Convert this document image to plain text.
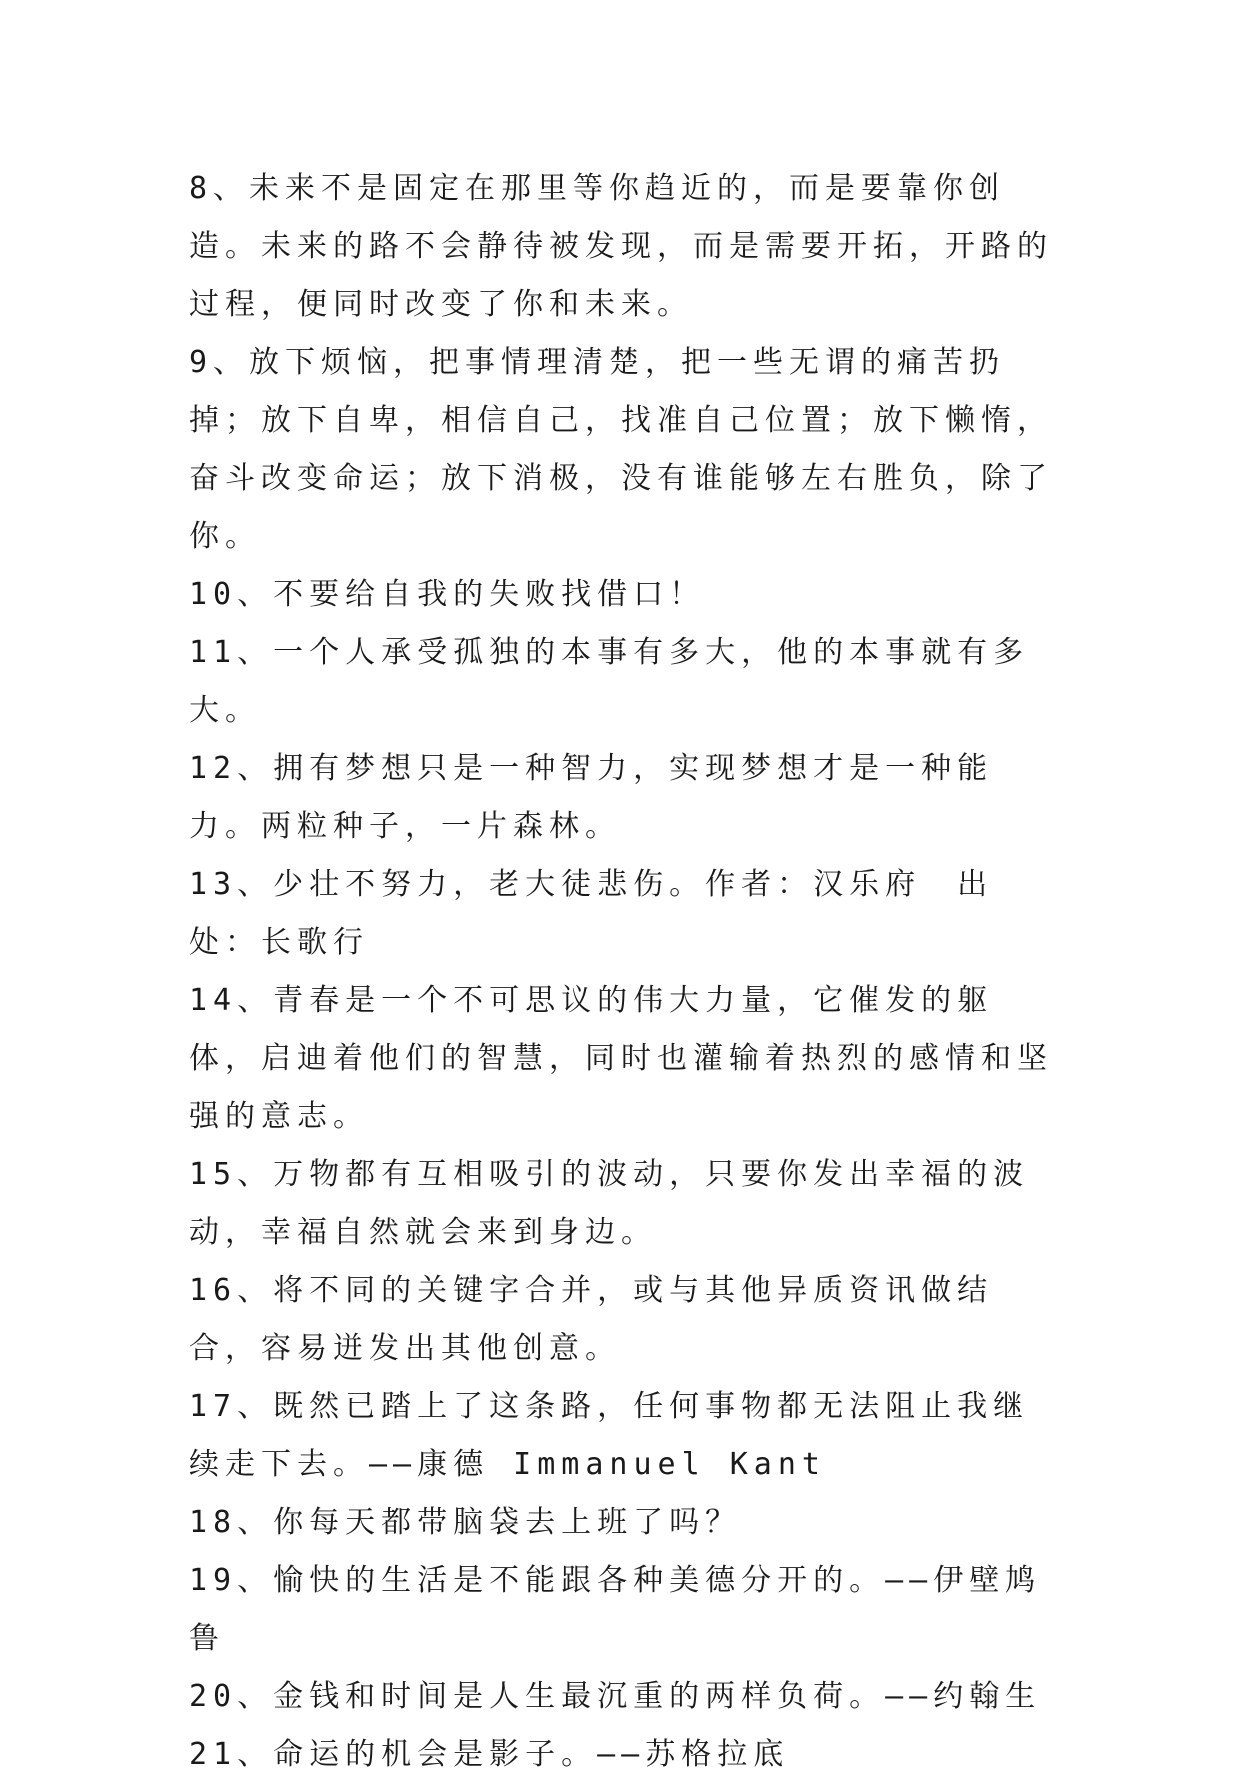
8、未来不是固定在那里等你趋近的，而是要靠你创造。未来的路不会静待被发现，而是需要开拓，开路的过程，便同时改变了你和未来。

9、放下烦恼，把事情理清楚，把一些无谓的痛苦扔掉；放下自卑，相信自己，找准自己位置；放下懒惰，奋斗改变命运；放下消极，没有谁能够左右胜负，除了你。

10、不要给自我的失败找借口！

11、一个人承受孤独的本事有多大，他的本事就有多大。

12、拥有梦想只是一种智力，实现梦想才是一种能力。两粒种子，一片森林。

13、少壮不努力，老大徒悲伤。作者：汉乐府　出处：长歌行

14、青春是一个不可思议的伟大力量，它催发的躯体，启迪着他们的智慧，同时也灌输着热烈的感情和坚强的意志。

15、万物都有互相吸引的波动，只要你发出幸福的波动，幸福自然就会来到身边。

16、将不同的关键字合并，或与其他异质资讯做结合，容易迸发出其他创意。

17、既然已踏上了这条路，任何事物都无法阻止我继续走下去。——康德 Immanuel Kant

18、你每天都带脑袋去上班了吗？

19、愉快的生活是不能跟各种美德分开的。——伊壁鸠鲁

20、金钱和时间是人生最沉重的两样负荷。——约翰生

21、命运的机会是影子。——苏格拉底
